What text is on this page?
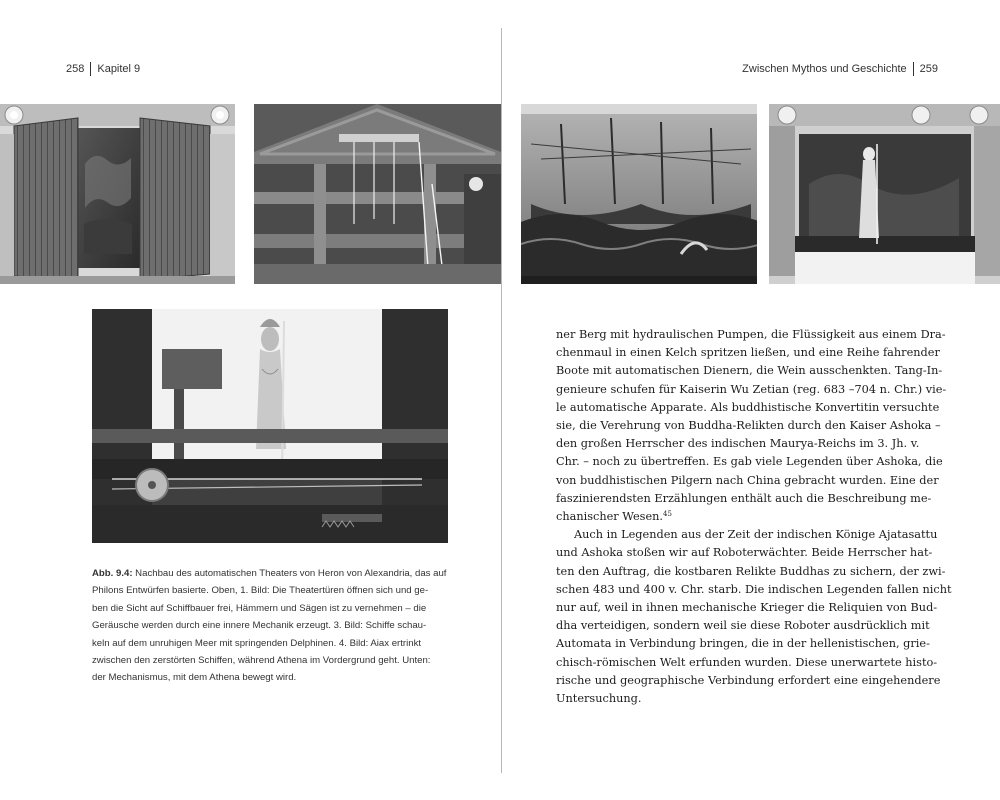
258 Kapitel 9	Zwischen Mythos und Geschichte 259
Abb. 9.4: Nachbau des automatischen Theaters von Heron von Alexandria, das auf
Philons Entwürfen basierte. Oben, 1. Bild: Die Theatertüren öffnen sich und ge-
ben die Sicht auf Schiffbauer frei, Hämmern und Sägen ist zu vernehmen – die
Geräusche werden durch eine innere Mechanik erzeugt. 3. Bild: Schiffe schau-
keln auf dem unruhigen Meer mit springenden Delphinen. 4. Bild: Aiax ertrinkt
zwischen den zerstörten Schiffen, während Athena im Vordergrund geht. Unten:
der Mechanismus, mit dem Athena bewegt wird.
ner Berg mit hydraulischen Pumpen, die Flüssigkeit aus einem Dra-
chenmaul in einen Kelch spritzen ließen, und eine Reihe fahrender
Boote mit automatischen Dienern, die Wein ausschenkten. Tang-In-
genieure schufen für Kaiserin Wu Zetian (reg. 683 –704 n. Chr.) vie-
le automatische Apparate. Als buddhistische Konvertitin versuchte
sie, die Verehrung von Buddha-Relikten durch den Kaiser Ashoka –
den großen Herrscher des indischen Maurya-Reichs im 3. Jh. v.
Chr. – noch zu übertreffen. Es gab viele Legenden über Ashoka, die
von buddhistischen Pilgern nach China gebracht wurden. Eine der
faszinierendsten Erzählungen enthält auch die Beschreibung me-
chanischer Wesen.$^{45}$
Auch in Legenden aus der Zeit der indischen Könige Ajatasattu
und Ashoka stoßen wir auf Roboterwächter. Beide Herrscher hat-
ten den Auftrag, die kostbaren Relikte Buddhas zu sichern, der zwi-
schen 483 und 400 v. Chr. starb. Die indischen Legenden fallen nicht
nur auf, weil in ihnen mechanische Krieger die Reliquien von Bud-
dha verteidigen, sondern weil sie diese Roboter ausdrücklich mit
Automata in Verbindung bringen, die in der hellenistischen, grie-
chisch-römischen Welt erfunden wurden. Diese unerwartete histo-
rische und geographische Verbindung erfordert eine eingehendere
Untersuchung.
